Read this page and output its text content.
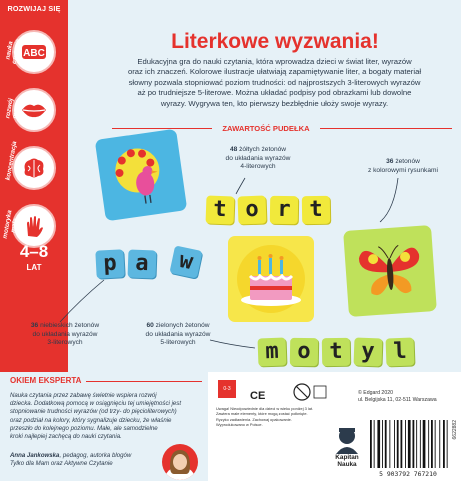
ROZWIJAJ SIĘ
nauka czytania ABC
rozwój mowy
koncentracja
motoryka mała
4–8
LAT
Literkowe wyzwania!
Edukacyjna gra do nauki czytania, która wprowadza dzieci w świat liter, wyrazów
oraz ich znaczeń. Kolorowe ilustracje ułatwiają zapamiętywanie liter, a bogaty materiał
słowny pozwala stopniować poziom trudności: od najprostszych 3-literowych wyrazów
aż po trudniejsze 5-literowe. Można układać podpisy pod obrazkami lub dowolne
wyrazy. Wygrywa ten, kto pierwszy bezbłędnie ułoży swoje wyrazy.
ZAWARTOŚĆ PUDEŁKA
48 żółtych żetonów
do układania wyrazów
4-literowych
36 żetonów
z kolorowymi rysunkami
36 niebieskich żetonów
do układania wyrazów
3-literowych
60 zielonych żetonów
do układania wyrazów
5-literowych
t o r t
p a	w
m o t y l
OKIEM EKSPERTA
Nauka czytania przez zabawę świetnie wspiera rozwój
dziecka. Dodatkową pomocą w osiągnięciu tej umiejętności jest
stopniowanie trudności wyrazów (od trzy- do pięcioliterowych)
oraz podział na kolory, który sygnalizuje dziecku, że właśnie
przeszło do kolejnego poziomu. Małe, ale samodzielne
kroki najlepiej zachęcą do nauki czytania.
Anna Jankowska, pedagog, autorka blogów
Tylko dla Mam oraz Aktywne Czytanie
0-3
CE
Uwaga! Nieodpowiednie dla dzieci w wieku poniżej 3 lat.
Zawiera małe elementy, które mogą zostać połknięte.
Ryzyko zadławienia. Zachowaj opakowanie.
Wyprodukowano w Polsce.
© Edgard 2020
ul. Belgijska 11, 02-511 Warszawa
Kapitan
Nauka
5 903792 767210
6622882
